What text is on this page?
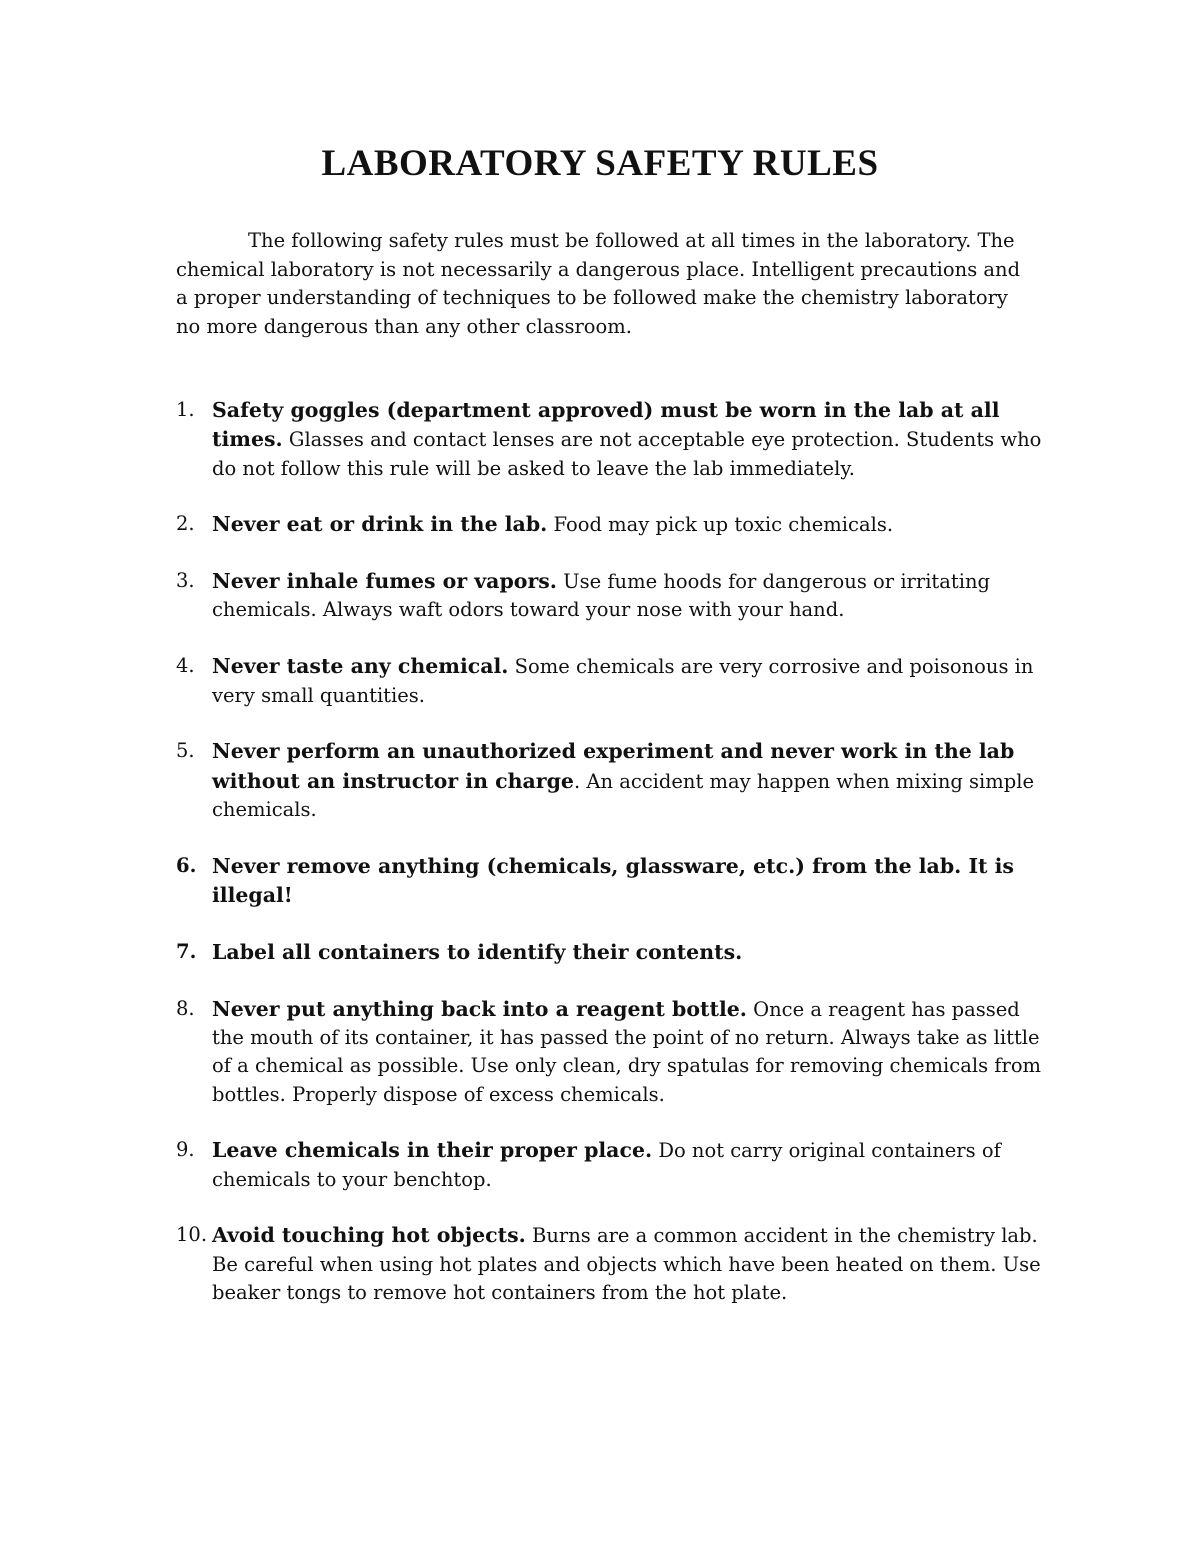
LABORATORY SAFETY RULES

The following safety rules must be followed at all times in the laboratory. The chemical laboratory is not necessarily a dangerous place. Intelligent precautions and a proper understanding of techniques to be followed make the chemistry laboratory no more dangerous than any other classroom.

1. Safety goggles (department approved) must be worn in the lab at all times. Glasses and contact lenses are not acceptable eye protection. Students who do not follow this rule will be asked to leave the lab immediately.
2. Never eat or drink in the lab. Food may pick up toxic chemicals.
3. Never inhale fumes or vapors. Use fume hoods for dangerous or irritating chemicals. Always waft odors toward your nose with your hand.
4. Never taste any chemical. Some chemicals are very corrosive and poisonous in very small quantities.
5. Never perform an unauthorized experiment and never work in the lab without an instructor in charge. An accident may happen when mixing simple chemicals.
6. Never remove anything (chemicals, glassware, etc.) from the lab. It is illegal!
7. Label all containers to identify their contents.
8. Never put anything back into a reagent bottle. Once a reagent has passed the mouth of its container, it has passed the point of no return. Always take as little of a chemical as possible. Use only clean, dry spatulas for removing chemicals from bottles. Properly dispose of excess chemicals.
9. Leave chemicals in their proper place. Do not carry original containers of chemicals to your benchtop.
10. Avoid touching hot objects. Burns are a common accident in the chemistry lab. Be careful when using hot plates and objects which have been heated on them. Use beaker tongs to remove hot containers from the hot plate.
